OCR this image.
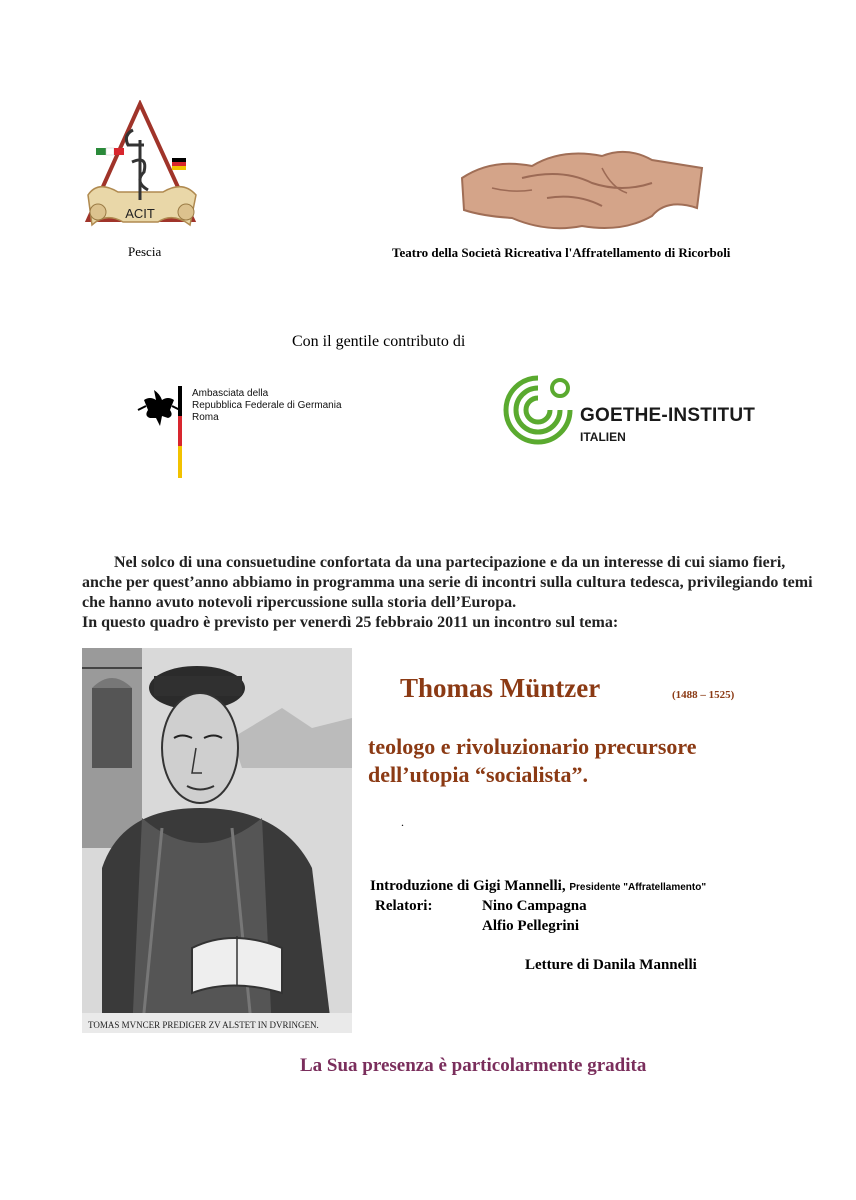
ACIT
Pescia	Teatro della Società Ricreativa l'Affratellamento di Ricorboli
Con il gentile contributo di
Ambasciata della
Repubblica Federale di Germania
Roma	GOETHE-INSTITUT
ITALIEN

Nel solco di una consuetudine confortata da una partecipazione e da un interesse di cui siamo fieri, anche per quest’anno abbiamo in programma una serie di incontri sulla cultura tedesca, privilegiando temi che hanno avuto notevoli ripercussione sulla storia dell’Europa.

In questo quadro è previsto per venerdì 25 febbraio 2011 un incontro sul tema:

TOMAS MVNCER PREDIGER ZV ALSTET IN DVRINGEN.
Thomas Müntzer	(1488 – 1525)
teologo e rivoluzionario precursore
dell’utopia “socialista”.
.
Introduzione di Gigi Mannelli, Presidente "Affratellamento"
Relatori:	Nino Campagna
Alfio Pellegrini
Letture di Danila Mannelli
La Sua presenza è particolarmente gradita
